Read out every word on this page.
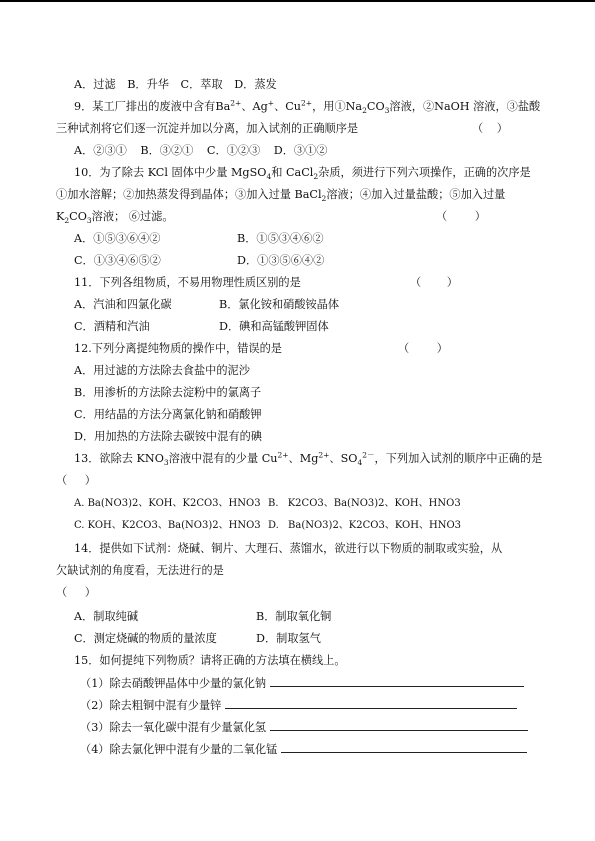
A．过滤 B．升华 C．萃取 D．蒸发
9．某工厂排出的废液中含有$Ba^{2+}$、Ag+、$Cu^{2+}$，用$①Na_2CO_3$溶液，②NaOH 溶液，③盐酸
三种试剂将它们逐一沉淀并加以分离，加入试剂的正确顺序是	（ ）
A．②③① B．③②① C．①②③ D．③①②
10．为了除去 KCl 固体中少量 MgSO$_4$和 CaCl$_2$杂质，须进行下列六项操作，正确的次序是
①加水溶解；②加热蒸发得到晶体；③加入过量 BaCl$_2$溶液；④加入过量盐酸；⑤加入过量
$K_2CO_3$溶液； ⑥过滤。	（ ）
A．①⑤③⑥④②	B．①⑤③④⑥②
C．①③④⑥⑤②	D．①③⑤⑥④②
11．下列各组物质，不易用物理性质区别的是	（ ）
A．汽油和四氯化碳	B．氯化铵和硝酸铵晶体
C．酒精和汽油	D．碘和高锰酸钾固体
12.下列分离提纯物质的操作中，错误的是	（ ）
A．用过滤的方法除去食盐中的泥沙
B．用渗析的方法除去淀粉中的氯离子
C．用结晶的方法分离氯化钠和硝酸钾
D．用加热的方法除去碳铵中混有的碘
13．欲除去 $KNO_3$溶液中混有的少量 $Cu^{2+}$、$Mg^{2+}$、$SO_4^{2-}$，下列加入试剂的顺序中正确的是
（ ）
A. Ba(NO3)2、KOH、K2CO3、HNO3 B. K2CO3、Ba(NO3)2、KOH、HNO3
C. KOH、K2CO3、Ba(NO3)2、HNO3 D. Ba(NO3)2、K2CO3、KOH、HNO3
14．提供如下试剂：烧碱、铜片、大理石、蒸馏水，欲进行以下物质的制取或实验，从
欠缺试剂的角度看，无法进行的是
（ ）
A．制取纯碱	B．制取氧化铜
C．测定烧碱的物质的量浓度	D．制取氢气
15．如何提纯下列物质？请将正确的方法填在横线上。
（1）除去硝酸钾晶体中少量的氯化钠
（2）除去粗铜中混有少量锌
（3）除去一氧化碳中混有少量氯化氢
（4）除去氯化钾中混有少量的二氧化锰
